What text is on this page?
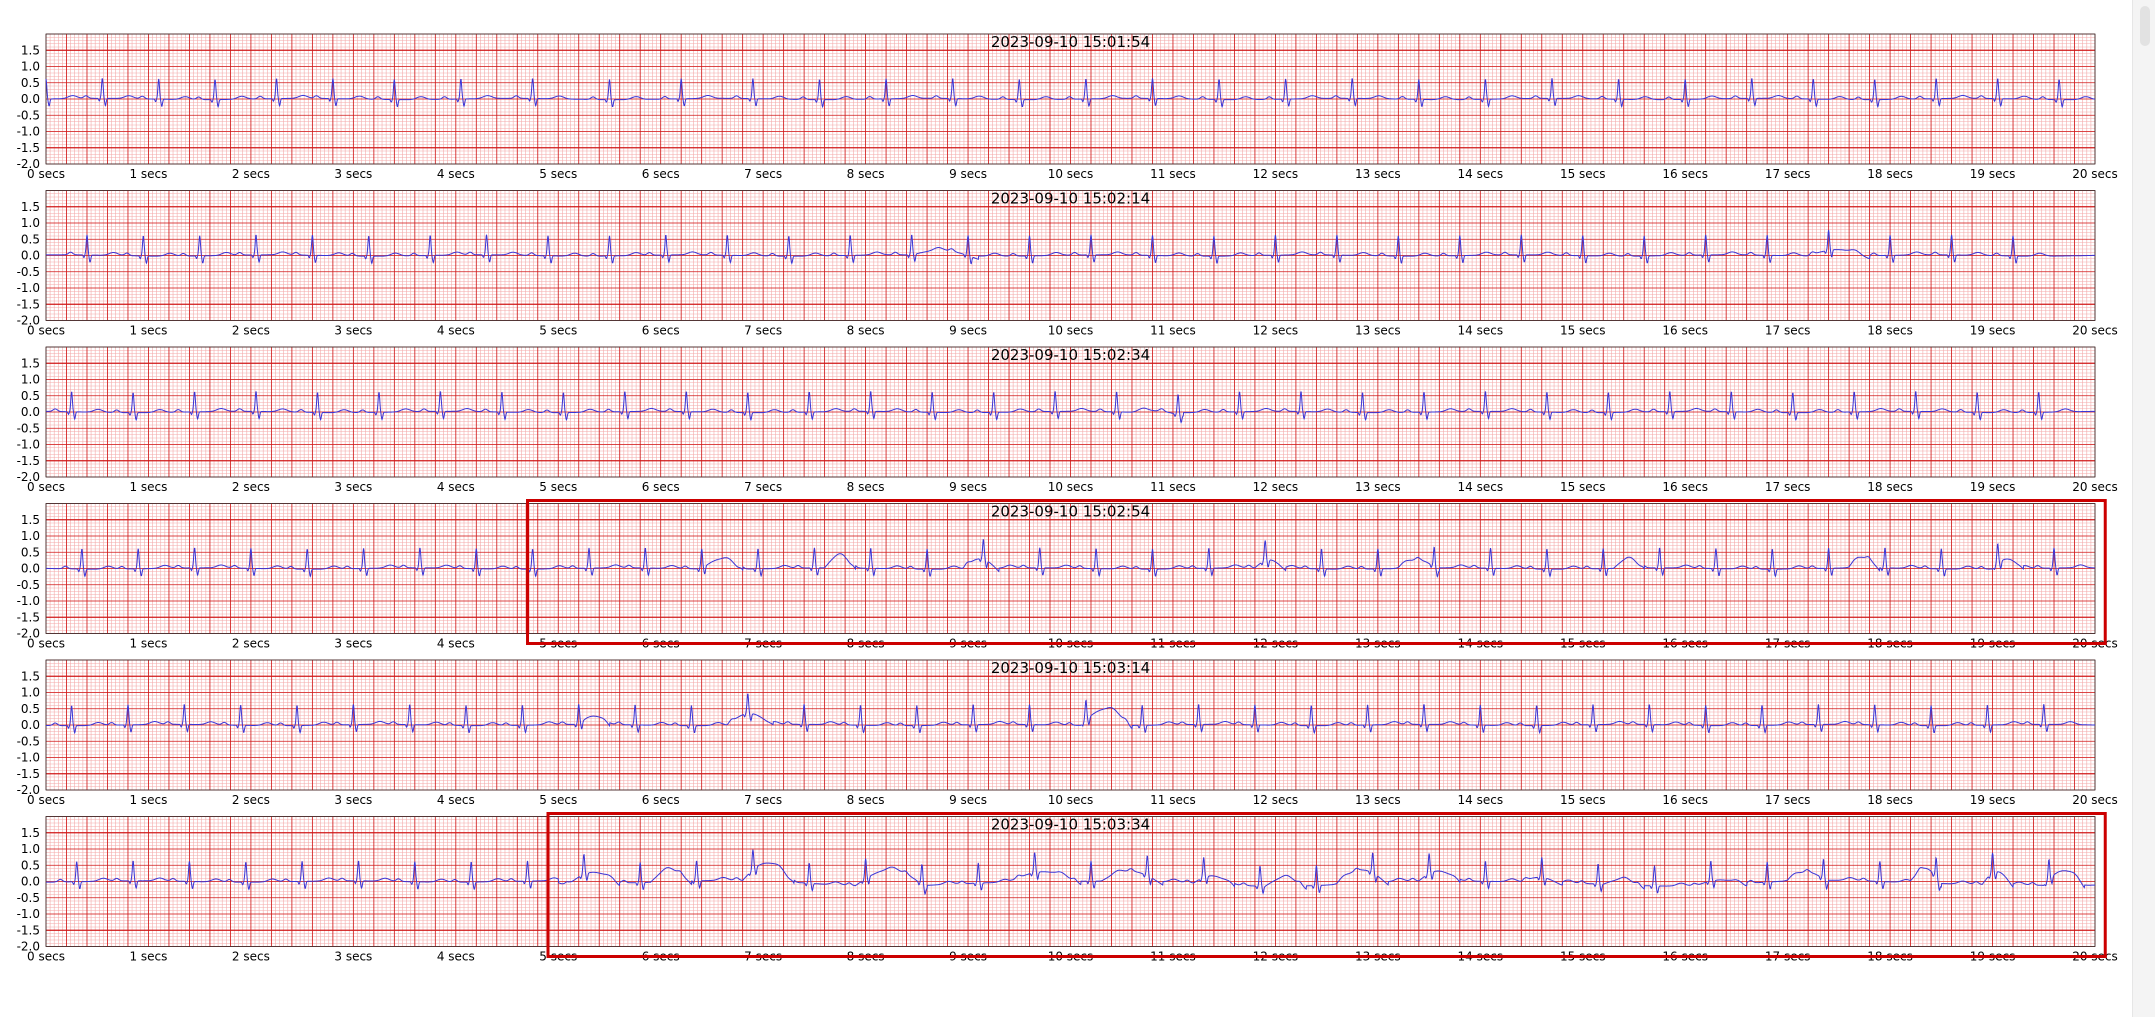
1.5
1.0
0.5
0.0
-0.5
-1.0
-1.5
-2.0
0 secs	1 secs	2 secs	3 secs	4 secs	5 secs	6 secs	7 secs	8 secs	9 secs	10 secs	11 secs	12 secs	13 secs	14 secs	15 secs	16 secs	17 secs	18 secs	19 secs	20 secs
2023-09-10 15:01:54
1.5
1.0
0.5
0.0
-0.5
-1.0
-1.5
-2.0
0 secs	1 secs	2 secs	3 secs	4 secs	5 secs	6 secs	7 secs	8 secs	9 secs	10 secs	11 secs	12 secs	13 secs	14 secs	15 secs	16 secs	17 secs	18 secs	19 secs	20 secs
2023-09-10 15:02:14
1.5
1.0
0.5
0.0
-0.5
-1.0
-1.5
-2.0
0 secs	1 secs	2 secs	3 secs	4 secs	5 secs	6 secs	7 secs	8 secs	9 secs	10 secs	11 secs	12 secs	13 secs	14 secs	15 secs	16 secs	17 secs	18 secs	19 secs	20 secs
2023-09-10 15:02:34
1.5
1.0
0.5
0.0
-0.5
-1.0
-1.5
-2.0
0 secs	1 secs	2 secs	3 secs	4 secs	5 secs	6 secs	7 secs	8 secs	9 secs	10 secs	11 secs	12 secs	13 secs	14 secs	15 secs	16 secs	17 secs	18 secs	19 secs	20 secs
2023-09-10 15:02:54
1.5
1.0
0.5
0.0
-0.5
-1.0
-1.5
-2.0
0 secs	1 secs	2 secs	3 secs	4 secs	5 secs	6 secs	7 secs	8 secs	9 secs	10 secs	11 secs	12 secs	13 secs	14 secs	15 secs	16 secs	17 secs	18 secs	19 secs	20 secs
2023-09-10 15:03:14
1.5
1.0
0.5
0.0
-0.5
-1.0
-1.5
-2.0
0 secs	1 secs	2 secs	3 secs	4 secs	5 secs	6 secs	7 secs	8 secs	9 secs	10 secs	11 secs	12 secs	13 secs	14 secs	15 secs	16 secs	17 secs	18 secs	19 secs	20 secs
2023-09-10 15:03:34
